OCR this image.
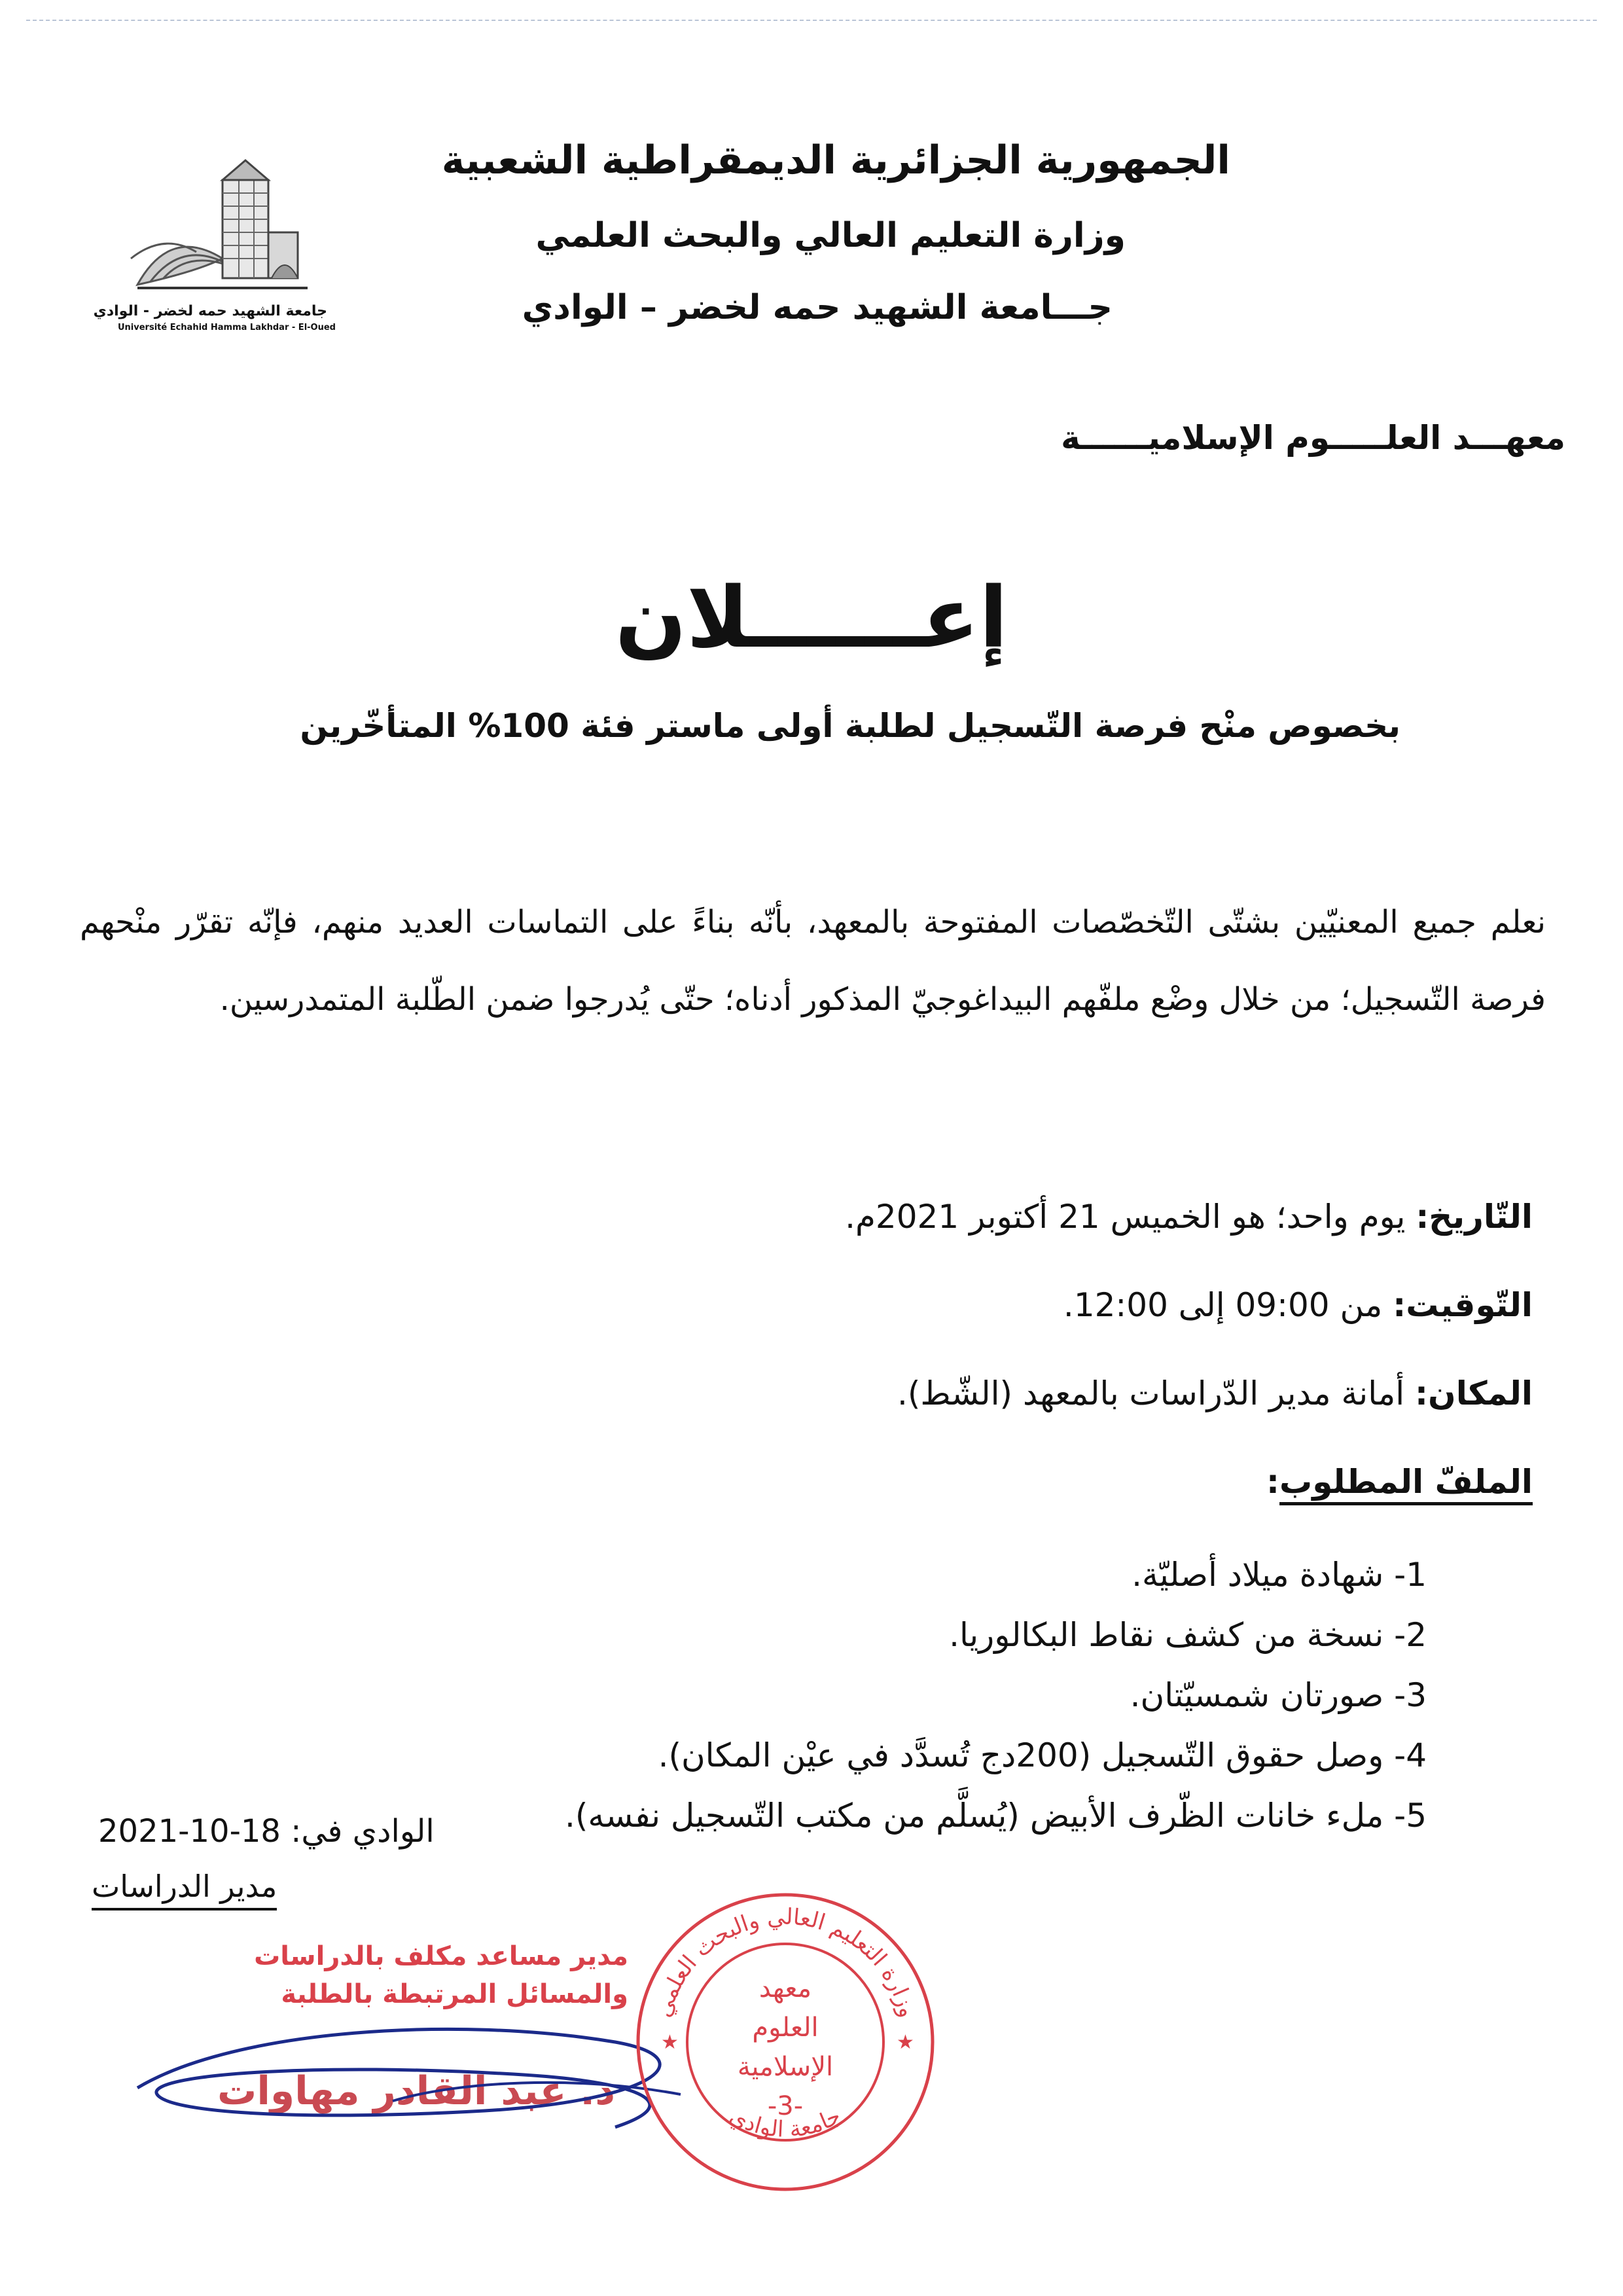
جامعة الشهيد حمه لخضر - الوادي
Université Echahid Hamma Lakhdar - El-Oued
الجمهورية الجزائرية الديمقراطية الشعبية
وزارة التعليم العالي والبحث العلمي
جـــامعة الشهيد حمه لخضر – الوادي
معهـــد العلـــــوم الإسلاميــــــة
إعــــــلان
بخصوص منْح فرصة التّسجيل لطلبة أولى ماستر فئة 100% المتأخّرين
نعلم جميع المعنيّين بشتّى التّخصّصات المفتوحة بالمعهد، بأنّه بناءً على التماسات العديد منهم، فإنّه تقرّر منْحهم فرصة التّسجيل؛ من خلال وضْع ملفّهم البيداغوجيّ المذكور أدناه؛ حتّى يُدرجوا ضمن الطّلبة المتمدرسين.
التّاريخ: يوم واحد؛ هو الخميس 21 أكتوبر 2021م.
التّوقيت: من 09:00 إلى 12:00.
المكان: أمانة مدير الدّراسات بالمعهد (الشّط).
الملفّ المطلوب:
1- شهادة ميلاد أصليّة.
2- نسخة من كشف نقاط البكالوريا.
3- صورتان شمسيّتان.
4- وصل حقوق التّسجيل (200دج تُسدَّد في عيْن المكان).
5- ملء خانات الظّرف الأبيض (يُسلَّم من مكتب التّسجيل نفسه).
الوادي في: 18-10-2021
مدير الدراسات
مدير مساعد مكلف بالدراسات
والمسائل المرتبطة بالطلبة
د. عبد القادر مهاوات
وزارة التعليم العالي والبحث العلمي
جامعة الوادي
★	★
معهد
العلوم
الإسلامية
-3-
